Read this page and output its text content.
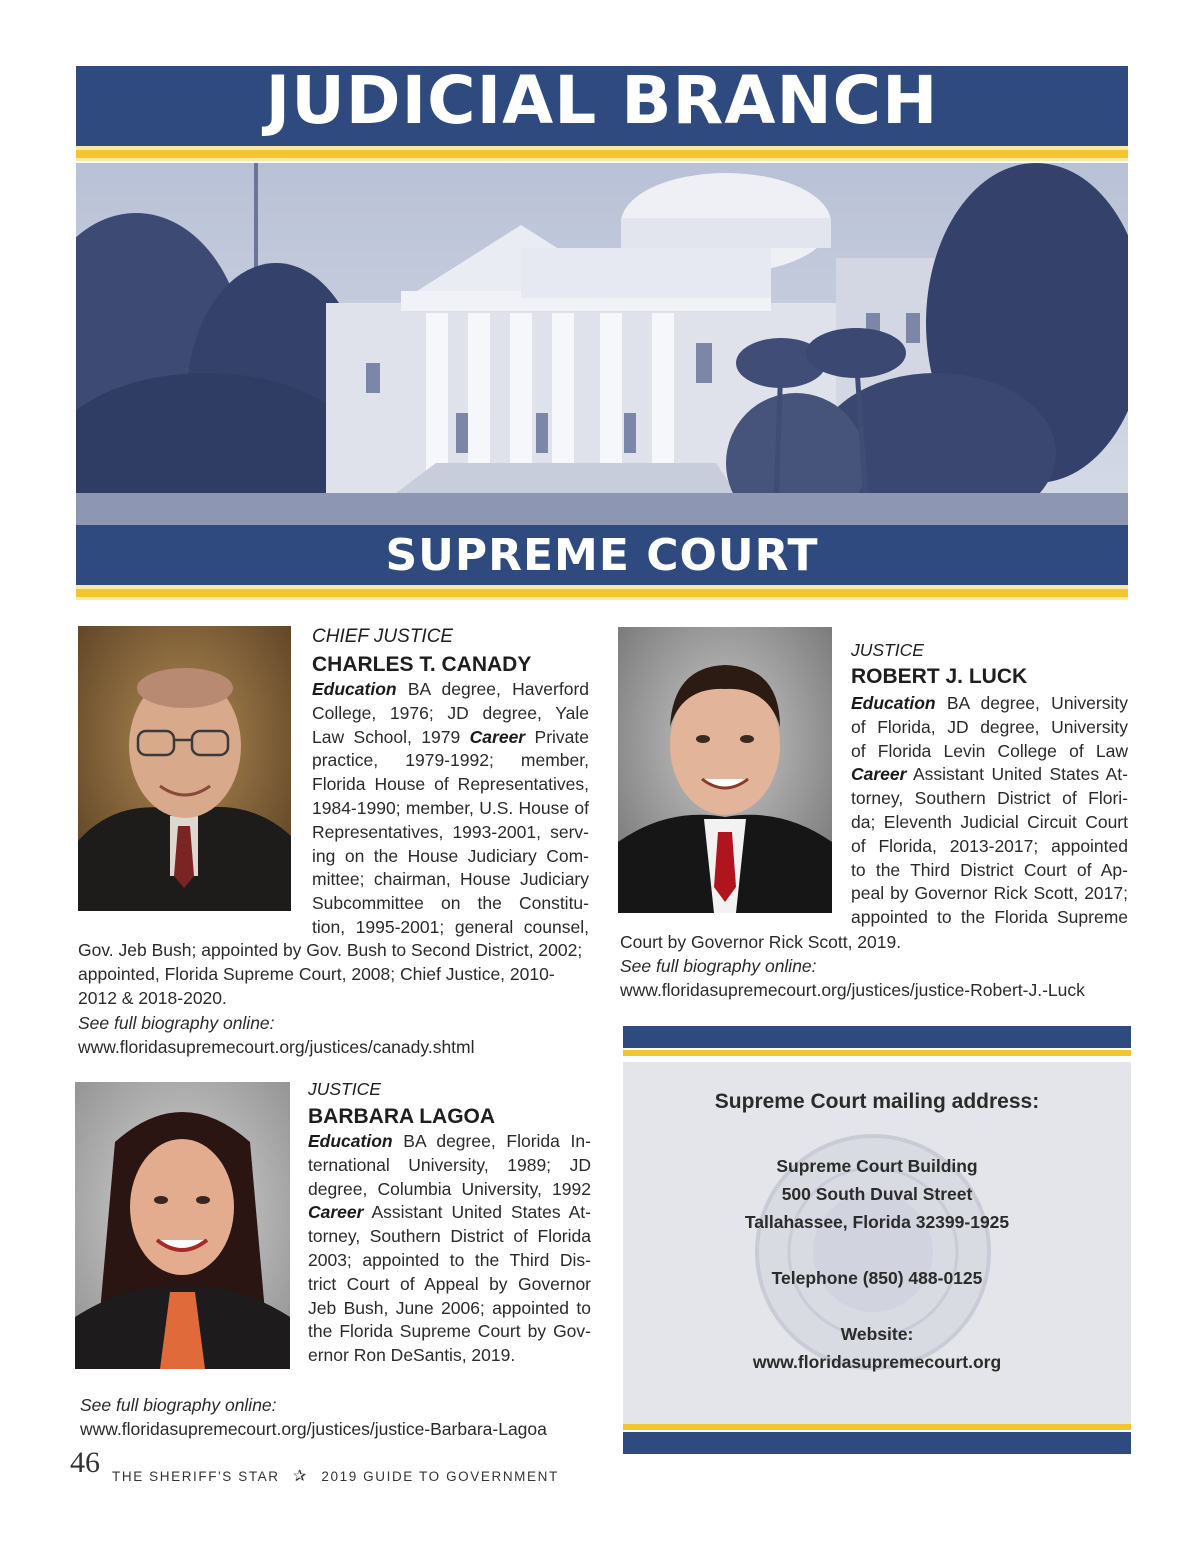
JUDICIAL BRANCH
SUPREME COURT
CHIEF JUSTICE
CHARLES T. CANADY
Education BA degree, Haverford
College, 1976; JD degree, Yale
Law School, 1979 Career Private
practice, 1979-1992; member,
Florida House of Representatives,
1984-1990; member, U.S. House of
Representatives, 1993-2001, serv-
ing on the House Judiciary Com-
mittee; chairman, House Judiciary
Subcommittee on the Constitu-
tion, 1995-2001; general counsel,
Gov. Jeb Bush; appointed by Gov. Bush to Second District, 2002;
appointed, Florida Supreme Court, 2008; Chief Justice, 2010-
2012 & 2018-2020.
See full biography online:
www.floridasupremecourt.org/justices/canady.shtml
JUSTICE
ROBERT J. LUCK
Education BA degree, University
of Florida, JD degree, University
of Florida Levin College of Law
Career Assistant United States At-
torney, Southern District of Flori-
da; Eleventh Judicial Circuit Court
of Florida, 2013-2017; appointed
to the Third District Court of Ap-
peal by Governor Rick Scott, 2017;
appointed to the Florida Supreme
Court by Governor Rick Scott, 2019.
See full biography online:
www.floridasupremecourt.org/justices/justice-Robert-J.-Luck
JUSTICE
BARBARA LAGOA
Education BA degree, Florida In-
ternational University, 1989; JD
degree, Columbia University, 1992
Career Assistant United States At-
torney, Southern District of Florida
2003; appointed to the Third Dis-
trict Court of Appeal by Governor
Jeb Bush, June 2006; appointed to
the Florida Supreme Court by Gov-
ernor Ron DeSantis, 2019.
See full biography online:
www.floridasupremecourt.org/justices/justice-Barbara-Lagoa
Supreme Court mailing address:
Supreme Court Building
500 South Duval Street
Tallahassee, Florida 32399-1925
Telephone (850) 488-0125
Website:
www.floridasupremecourt.org
46 THE SHERIFF'S STAR ✰ 2019 GUIDE TO GOVERNMENT
